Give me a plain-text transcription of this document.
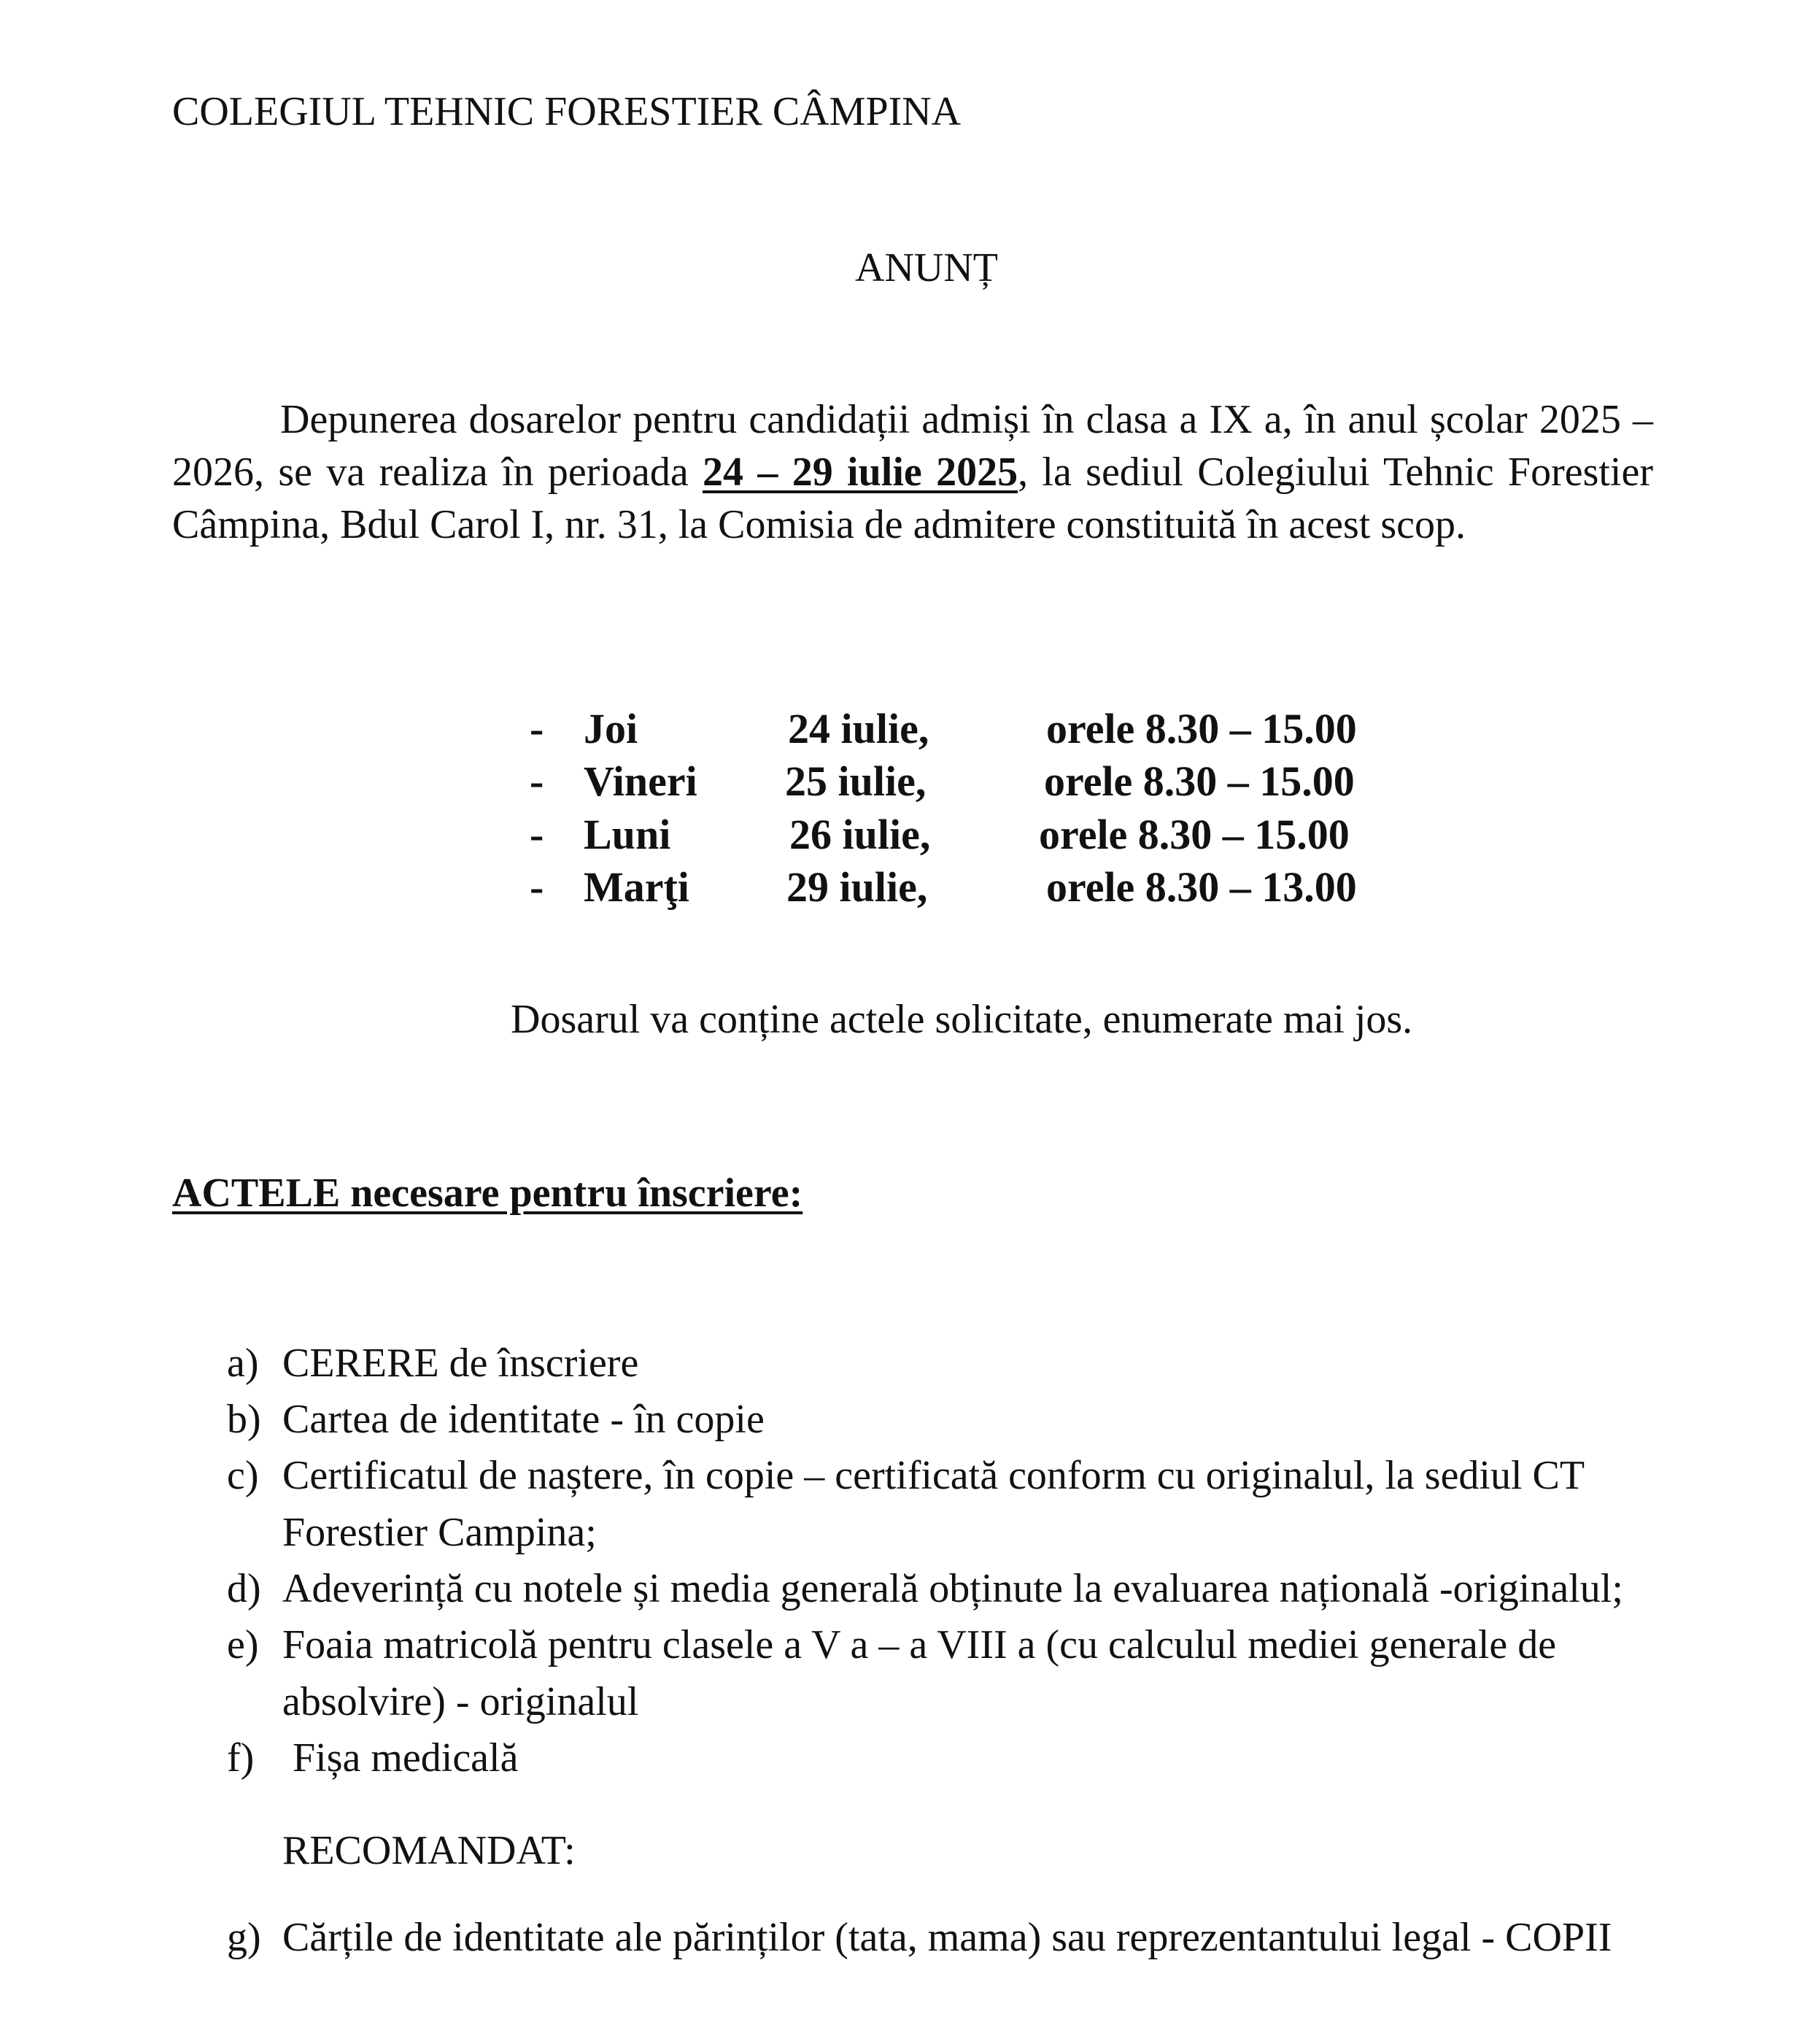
COLEGIUL TEHNIC FORESTIER CÂMPINA
ANUNȚ

Depunerea dosarelor pentru candidații admiși în clasa a IX a, în anul școlar 2025 – 2026, se va realiza în perioada 24 – 29 iulie 2025, la sediul Colegiului Tehnic Forestier Câmpina, Bdul Carol I, nr. 31, la Comisia de admitere constituită în acest scop.

- Joi	24 iulie,	orele 8.30 – 15.00
- Vineri 25 iulie,	orele 8.30 – 15.00
- Luni	26 iulie,	orele 8.30 – 15.00
- Marţi 29 iulie,	orele 8.30 – 13.00
Dosarul va conține actele solicitate, enumerate mai jos.
ACTELE necesare pentru înscriere:
a) CERERE de înscriere
b) Cartea de identitate - în copie
c) Certificatul de naștere, în copie – certificată conform cu originalul, la sediul CT Forestier Campina;
d) Adeverință cu notele și media generală obținute la evaluarea națională -originalul;
e) Foaia matricolă pentru clasele a V a – a VIII a (cu calculul mediei generale de absolvire) - originalul
f) Fișa medicală
RECOMANDAT:
g) Cărțile de identitate ale părinților (tata, mama) sau reprezentantului legal - COPII
